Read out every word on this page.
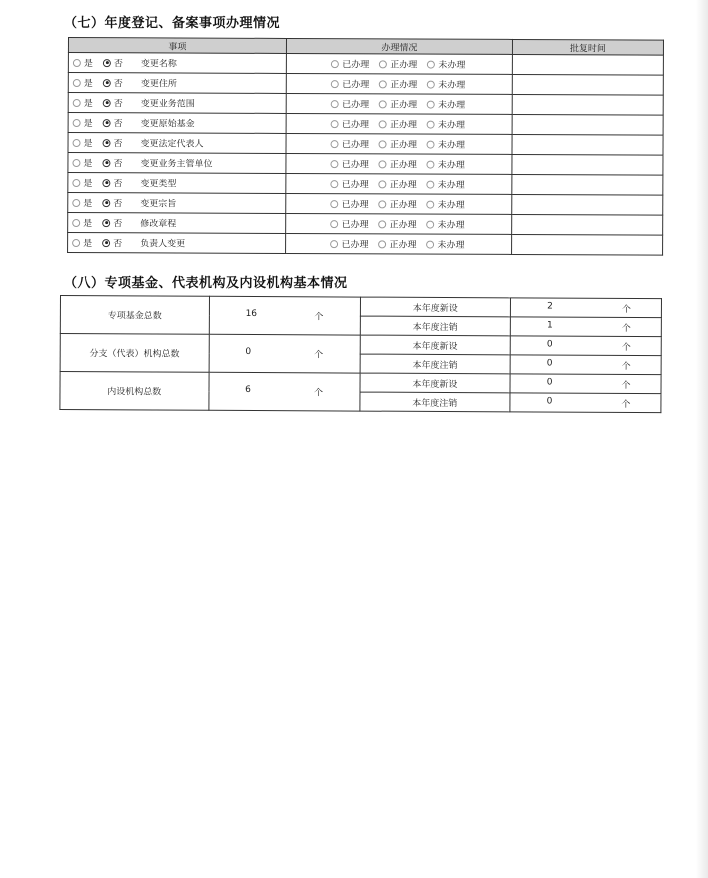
（七）年度登记、备案事项办理情况
事项	办理情况	批复时间

是 否 变更名称	已办理 正办理 未办理	

是 否 变更住所	已办理 正办理 未办理	

是 否 变更业务范围	已办理 正办理 未办理	

是 否 变更原始基金	已办理 正办理 未办理	

是 否 变更法定代表人	已办理 正办理 未办理	

是 否 变更业务主管单位	已办理 正办理 未办理	

是 否 变更类型	已办理 正办理 未办理	

是 否 变更宗旨	已办理 正办理 未办理	

是 否 修改章程	已办理 正办理 未办理	

是 否 负责人变更	已办理 正办理 未办理	

（八）专项基金、代表机构及内设机构基本情况
专项基金总数	16 个	本年度新设	2 个

		本年度注销	1 个

分支（代表）机构总数	0 个	本年度新设	0 个

		本年度注销	0 个

内设机构总数	6 个	本年度新设	0 个

		本年度注销	0 个
